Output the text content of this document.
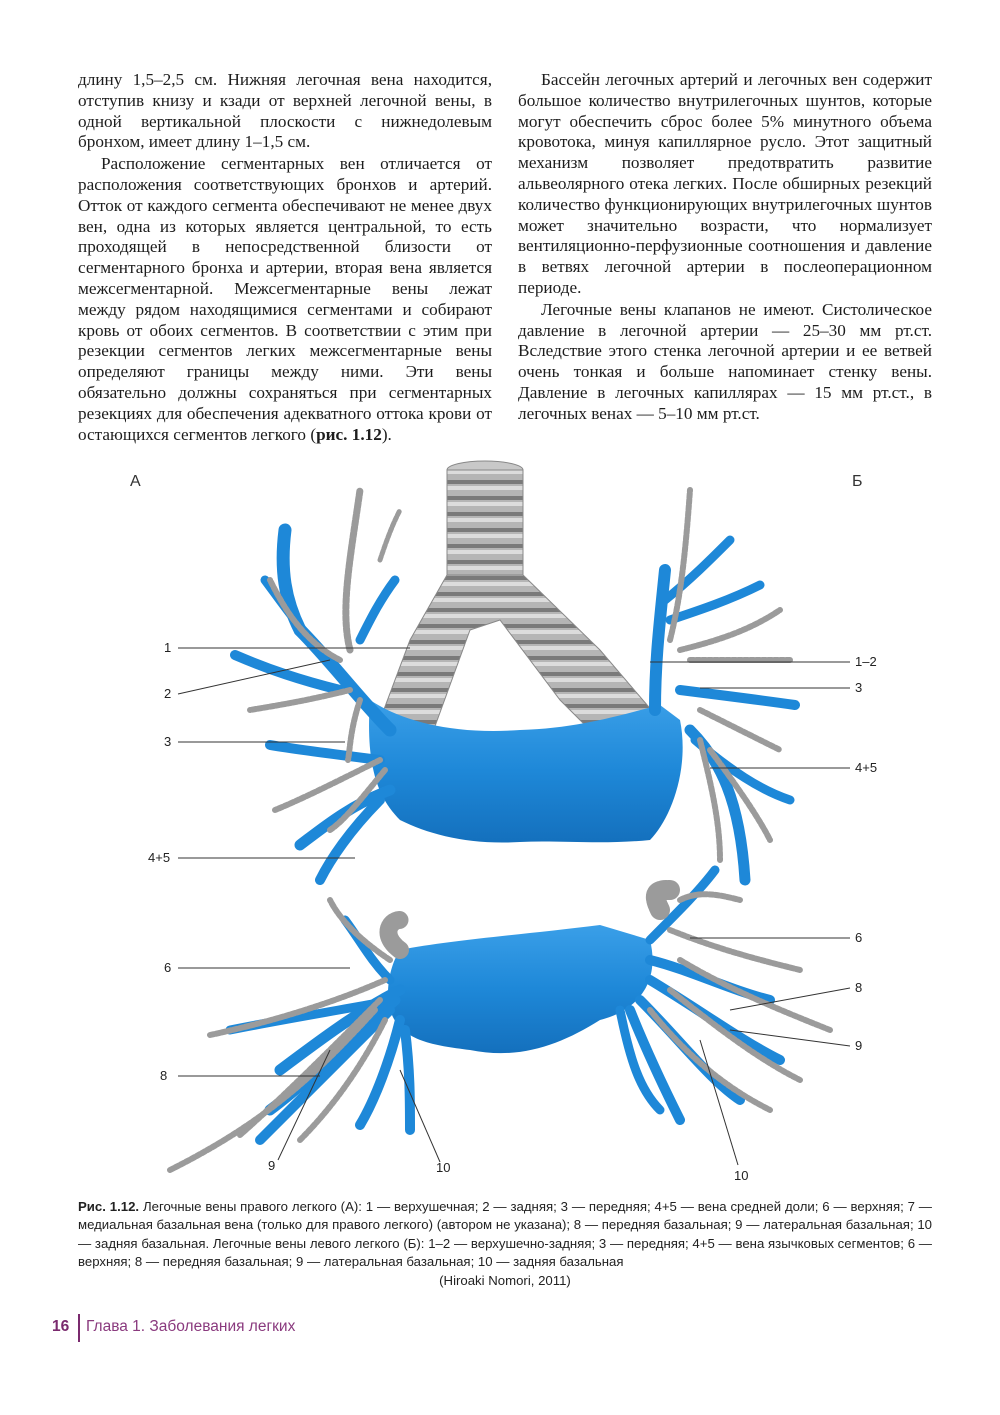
длину 1,5–2,5 см. Нижняя легочная вена находится, отступив книзу и кзади от верхней легочной вены, в одной вертикальной плоскости с нижнедолевым бронхом, имеет длину 1–1,5 см.

Расположение сегментарных вен отличается от расположения соответствующих бронхов и артерий. Отток от каждого сегмента обеспечивают не менее двух вен, одна из которых является центральной, то есть проходящей в непосредственной близости от сегментарного бронха и артерии, вторая вена является межсегментарной. Межсегментарные вены лежат между рядом находящимися сегментами и собирают кровь от обоих сегментов. В соответствии с этим при резекции сегментов легких межсегментарные вены определяют границы между ними. Эти вены обязательно должны сохраняться при сегментарных резекциях для обеспечения адекватного оттока крови от остающихся сегментов легкого (рис. 1.12).

Бассейн легочных артерий и легочных вен содержит большое количество внутрилегочных шунтов, которые могут обеспечить сброс более 5% минутного объема кровотока, минуя капиллярное русло. Этот защитный механизм позволяет предотвратить развитие альвеолярного отека легких. После обширных резекций количество функционирующих внутрилегочных шунтов может значительно возрасти, что нормализует вентиляционно-перфузионные соотношения и давление в ветвях легочной артерии в послеоперационном периоде.

Легочные вены клапанов не имеют. Систолическое давление в легочной артерии — 25–30 мм рт.ст. Вследствие этого стенка легочной артерии и ее ветвей очень тонкая и больше напоминает стенку вены. Давление в легочных капиллярах — 15 мм рт.ст., в легочных венах — 5–10 мм рт.ст.

А	Б
1
2
3
4+5
6
8
9	10
1–2
3
4+5
6
8
9
10
Рис. 1.12. Легочные вены правого легкого (А): 1 — верхушечная; 2 — задняя; 3 — передняя; 4+5 — вена средней доли; 6 — верхняя; 7 — медиальная базальная вена (только для правого легкого) (автором не указана); 8 — передняя базальная; 9 — латеральная базальная; 10 — задняя базальная. Легочные вены левого легкого (Б): 1–2 — верхушечно-задняя; 3 — передняя; 4+5 — вена язычковых сегментов; 6 — верхняя; 8 — передняя базальная; 9 — латеральная базальная; 10 — задняя базальная
(Hiroaki Nomori, 2011)
16 Глава 1. Заболевания легких
